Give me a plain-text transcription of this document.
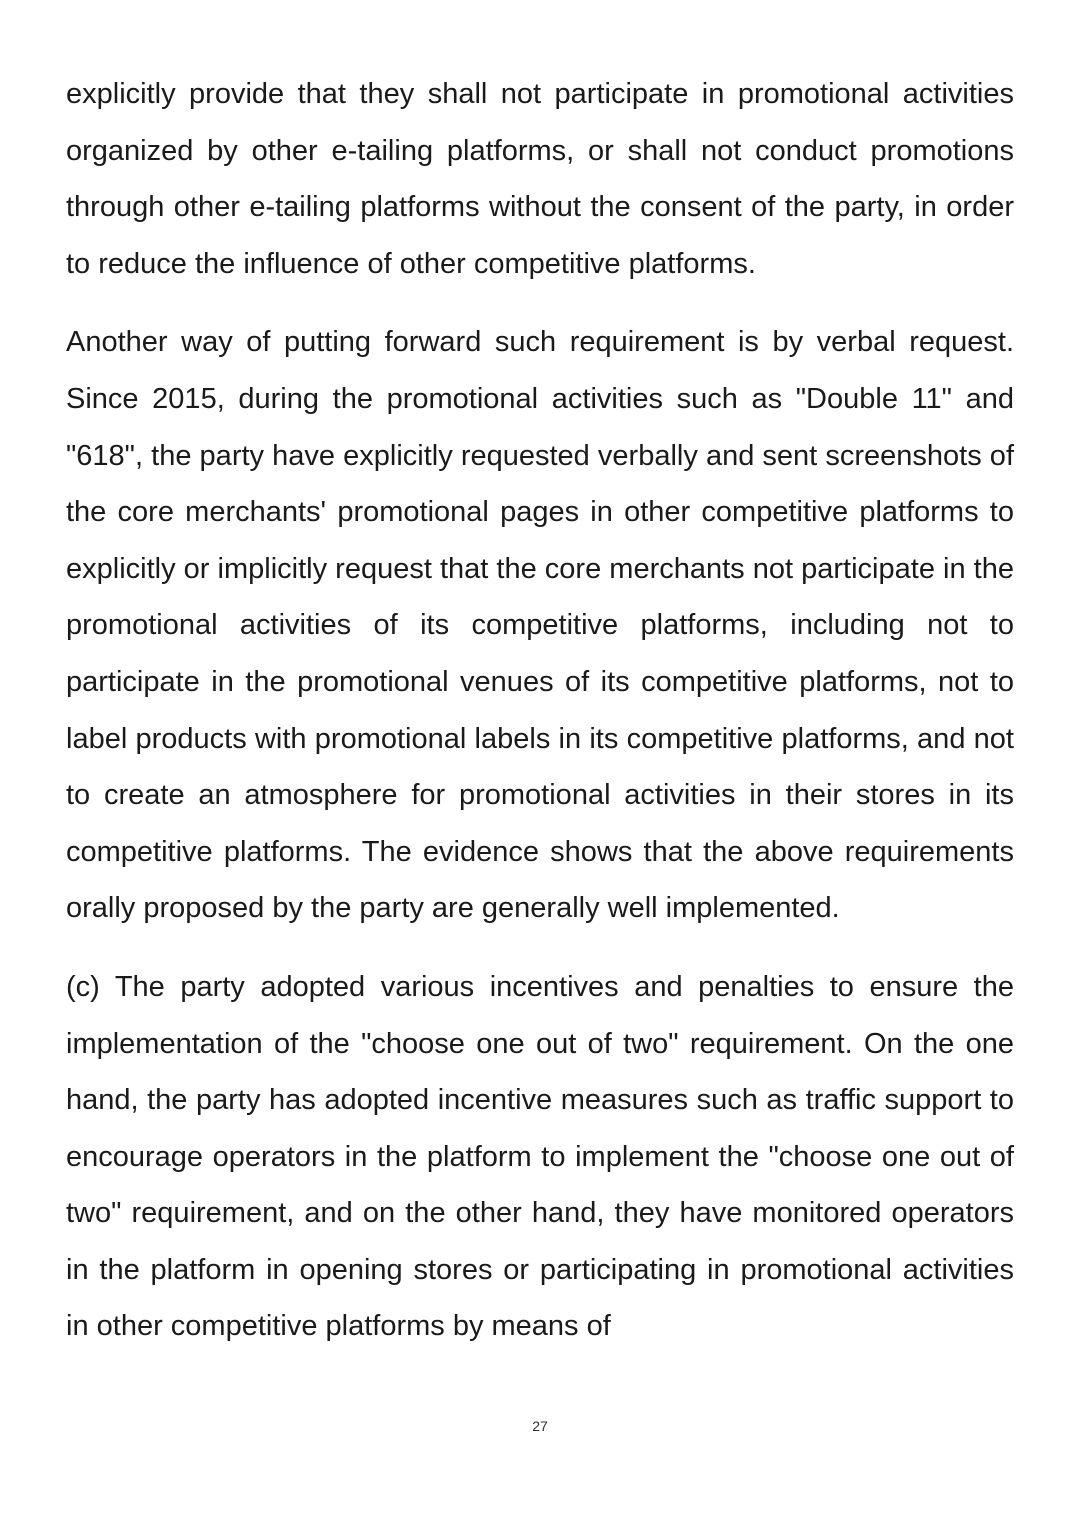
explicitly provide that they shall not participate in promotional activities organized by other e-tailing platforms, or shall not conduct promotions through other e-tailing platforms without the consent of the party, in order to reduce the influence of other competitive platforms.

Another way of putting forward such requirement is by verbal request. Since 2015, during the promotional activities such as "Double 11" and "618", the party have explicitly requested verbally and sent screenshots of the core merchants' promotional pages in other competitive platforms to explicitly or implicitly request that the core merchants not participate in the promotional activities of its competitive platforms, including not to participate in the promotional venues of its competitive platforms, not to label products with promotional labels in its competitive platforms, and not to create an atmosphere for promotional activities in their stores in its competitive platforms. The evidence shows that the above requirements orally proposed by the party are generally well implemented.

(c) The party adopted various incentives and penalties to ensure the implementation of the "choose one out of two" requirement. On the one hand, the party has adopted incentive measures such as traffic support to encourage operators in the platform to implement the "choose one out of two" requirement, and on the other hand, they have monitored operators in the platform in opening stores or participating in promotional activities in other competitive platforms by means of

27
